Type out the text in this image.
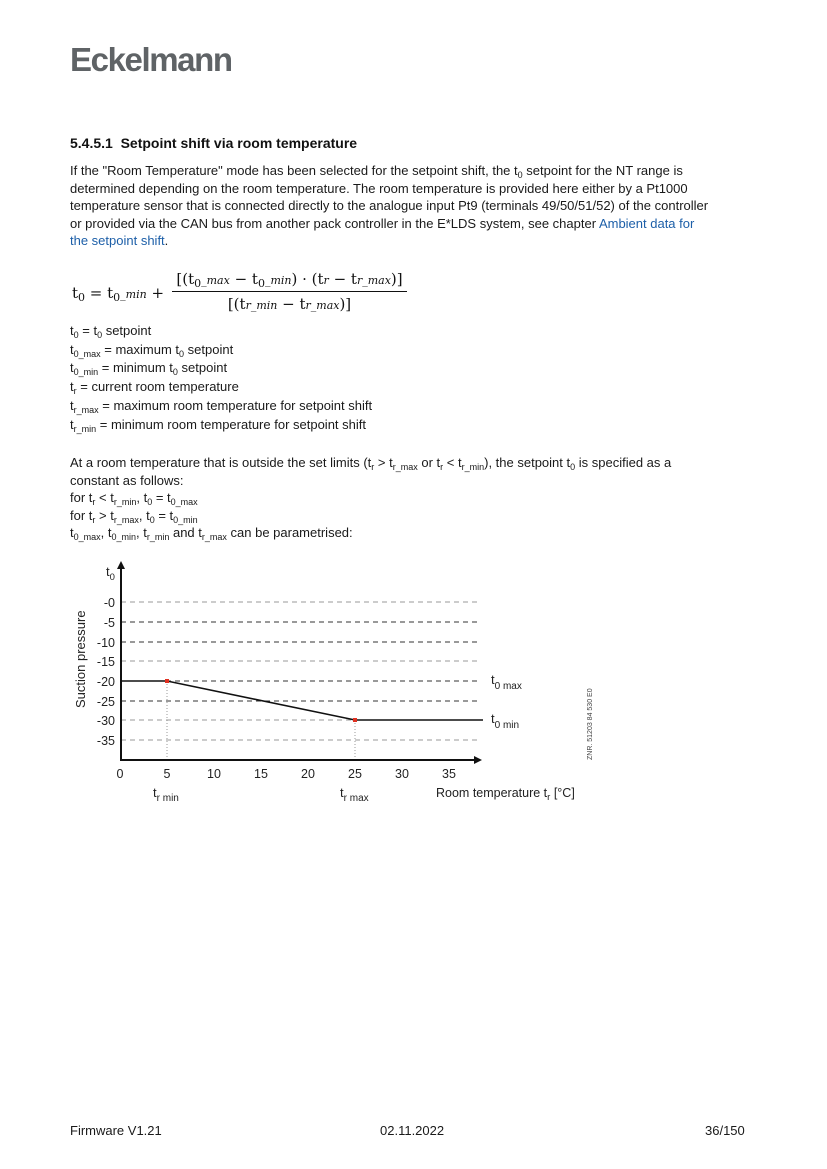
Eckelmann
5.4.5.1  Setpoint shift via room temperature
If the "Room Temperature" mode has been selected for the setpoint shift, the $t_0$ setpoint for the NT range is
determined depending on the room temperature. The room temperature is provided here either by a Pt1000
temperature sensor that is connected directly to the analogue input Pt9 (terminals 49/50/51/52) of the controller
or provided via the CAN bus from another pack controller in the E*LDS system, see chapter Ambient data for
the setpoint shift.
$t_0$ = $t_0\_\min$ +
[($t_0\_\max$ − $t_0\_\min) \cdot (tr$ − tr_max)]
[(tr_min − tr_max)]
$t_0 = t_0$ setpoint
$t_{0\_max}$ = maximum $t_0$ setpoint
$t_{0\_min}$ = minimum $t_0$ setpoint
$t_r$ = current room temperature
$t_{r\_max}$ = maximum room temperature for setpoint shift
$t_{r\_min}$ = minimum room temperature for setpoint shift
At a room temperature that is outside the set limits ($t_r > t_{r\_max}$ or $t_r < t_{r\_min}$), the setpoint $t_0$ is specified as a
constant as follows:
for $t_r < t_{r\_min}$, $t_0 = t_{0\_max}$
for $t_r > t_{r\_max}$, $t_0 = t_{0\_min}$
$t_{0\_max}$, $t_{0\_min}$, $t_{r\_min}$ and $t_{r\_max}$ can be parametrised:
-0
-5
-10
-15
-20
-25
-30
-35
0	5	10	15	20	25	30	35
$t_0$
Suction pressure	$t_{0 max}$
$t_{0 min}$
$t_{r min}$	$t_{r max}$	Room temperature $t_r$ [°C]
ZNR. 51203 84 530 E0
Firmware V1.21	02.11.2022	36/150
